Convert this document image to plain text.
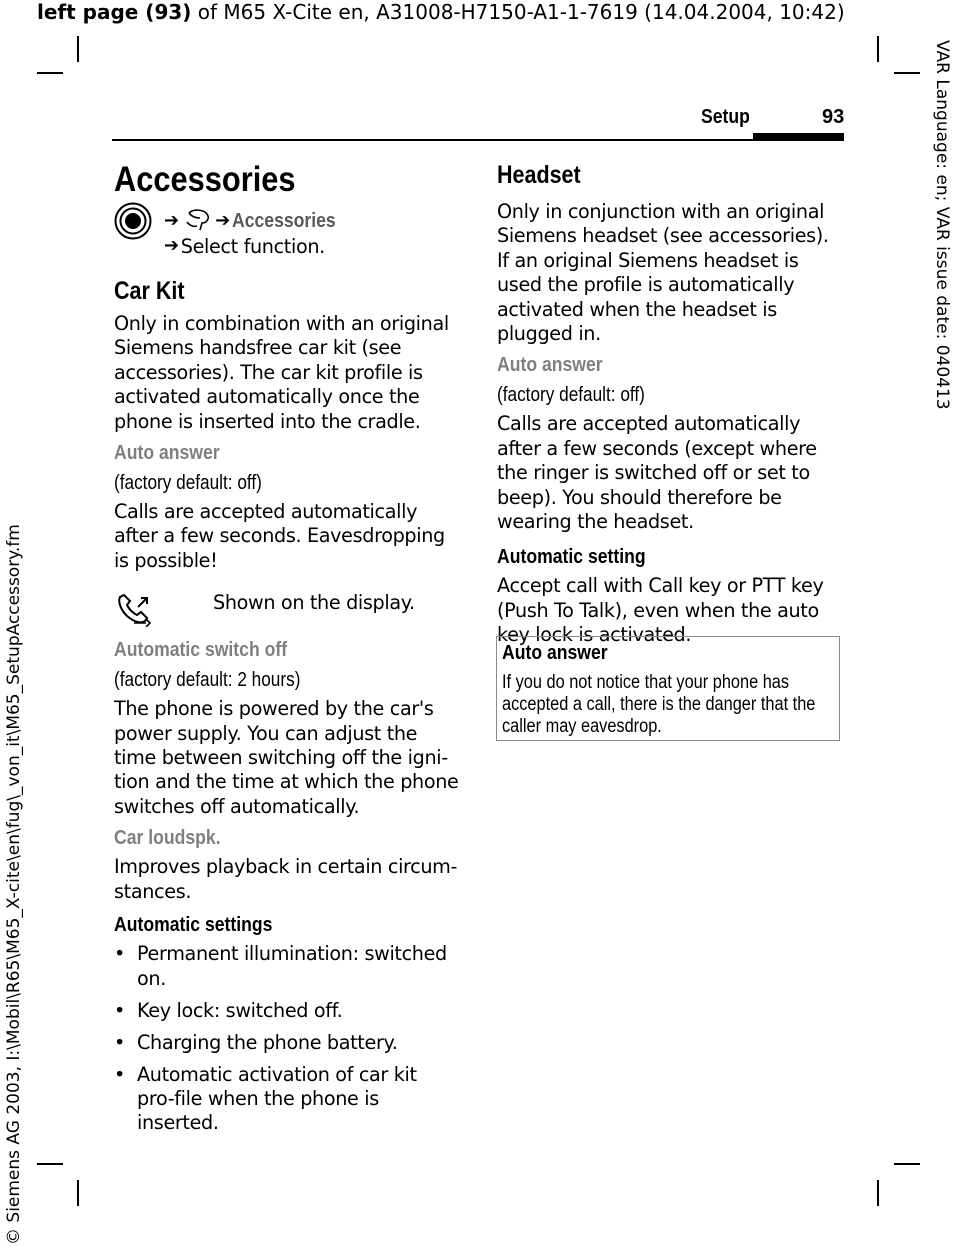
left page (93) of M65 X-Cite en, A31008-H7150-A1-1-7619 (14.04.2004, 10:42)
VAR Language: en; VAR issue date: 040413
© Siemens AG 2003, I:\Mobil\R65\M65_X-cite\en\fug\_von_it\M65_SetupAccessory.fm
Setup	93
Accessories
➔ ➔ Accessories
➔ Select function.
Car Kit

Only in combination with an original Siemens handsfree car kit (see accessories). The car kit profile is activated automatically once the phone is inserted into the cradle.

Auto answer
(factory default: off)

Calls are accepted automatically after a few seconds. Eavesdropping is possible!

Shown on the display.
Automatic switch off
(factory default: 2 hours)

The phone is powered by the car's power supply. You can adjust the time between switching off the igni-tion and the time at which the phone switches off automatically.

Car loudspk.

Improves playback in certain circum-stances.

Automatic settings
• Permanent illumination: switched on.
• Key lock: switched off.
• Charging the phone battery.
• Automatic activation of car kit pro-file when the phone is inserted.
Headset

Only in conjunction with an original Siemens headset (see accessories). If an original Siemens headset is used the profile is automatically activated when the headset is plugged in.

Auto answer
(factory default: off)

Calls are accepted automatically after a few seconds (except where the ringer is switched off or set to beep). You should therefore be wearing the headset.

Automatic setting

Accept call with Call key or PTT key (Push To Talk), even when the auto key lock is activated.

Auto answer
If you do not notice that your phone has accepted a call, there is the danger that the caller may eavesdrop.
